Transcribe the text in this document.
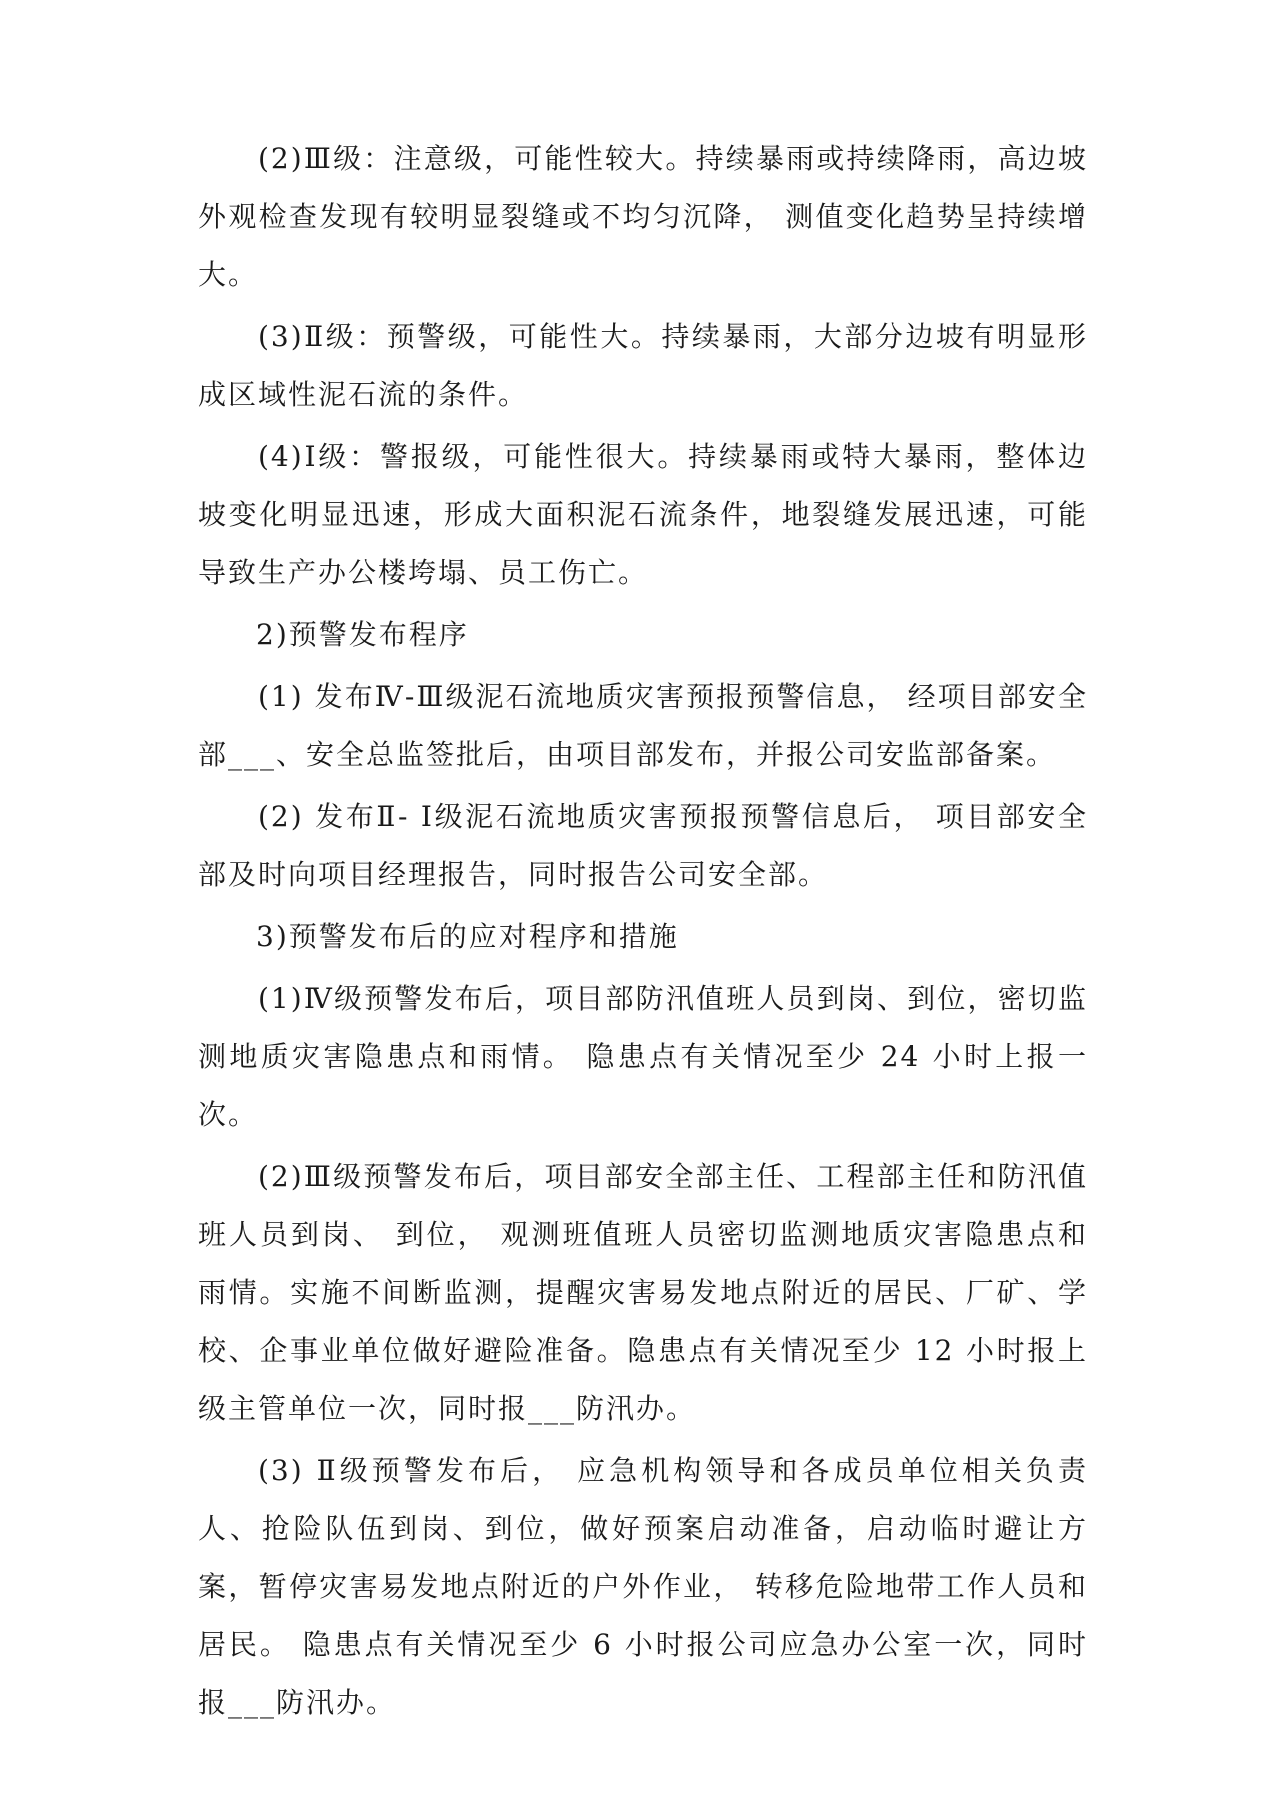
(2)Ⅲ级：注意级，可能性较大。持续暴雨或持续降雨，高边坡外观检查发现有较明显裂缝或不均匀沉降， 测值变化趋势呈持续增大。

(3)Ⅱ级：预警级，可能性大。持续暴雨，大部分边坡有明显形成区域性泥石流的条件。

(4)Ⅰ级：警报级，可能性很大。持续暴雨或特大暴雨，整体边坡变化明显迅速，形成大面积泥石流条件，地裂缝发展迅速，可能导致生产办公楼垮塌、员工伤亡。

2)预警发布程序

(1) 发布Ⅳ-Ⅲ级泥石流地质灾害预报预警信息， 经项目部安全部___、安全总监签批后，由项目部发布，并报公司安监部备案。

(2) 发布Ⅱ- Ⅰ级泥石流地质灾害预报预警信息后， 项目部安全部及时向项目经理报告，同时报告公司安全部。

3)预警发布后的应对程序和措施

(1)Ⅳ级预警发布后，项目部防汛值班人员到岗、到位，密切监测地质灾害隐患点和雨情。 隐患点有关情况至少 24 小时上报一次。

(2)Ⅲ级预警发布后，项目部安全部主任、工程部主任和防汛值班人员到岗、 到位， 观测班值班人员密切监测地质灾害隐患点和雨情。实施不间断监测，提醒灾害易发地点附近的居民、厂矿、学校、企事业单位做好避险准备。隐患点有关情况至少 12 小时报上级主管单位一次，同时报___防汛办。

(3) Ⅱ级预警发布后， 应急机构领导和各成员单位相关负责人、抢险队伍到岗、到位，做好预案启动准备，启动临时避让方案，暂停灾害易发地点附近的户外作业， 转移危险地带工作人员和居民。 隐患点有关情况至少 6 小时报公司应急办公室一次，同时报___防汛办。
